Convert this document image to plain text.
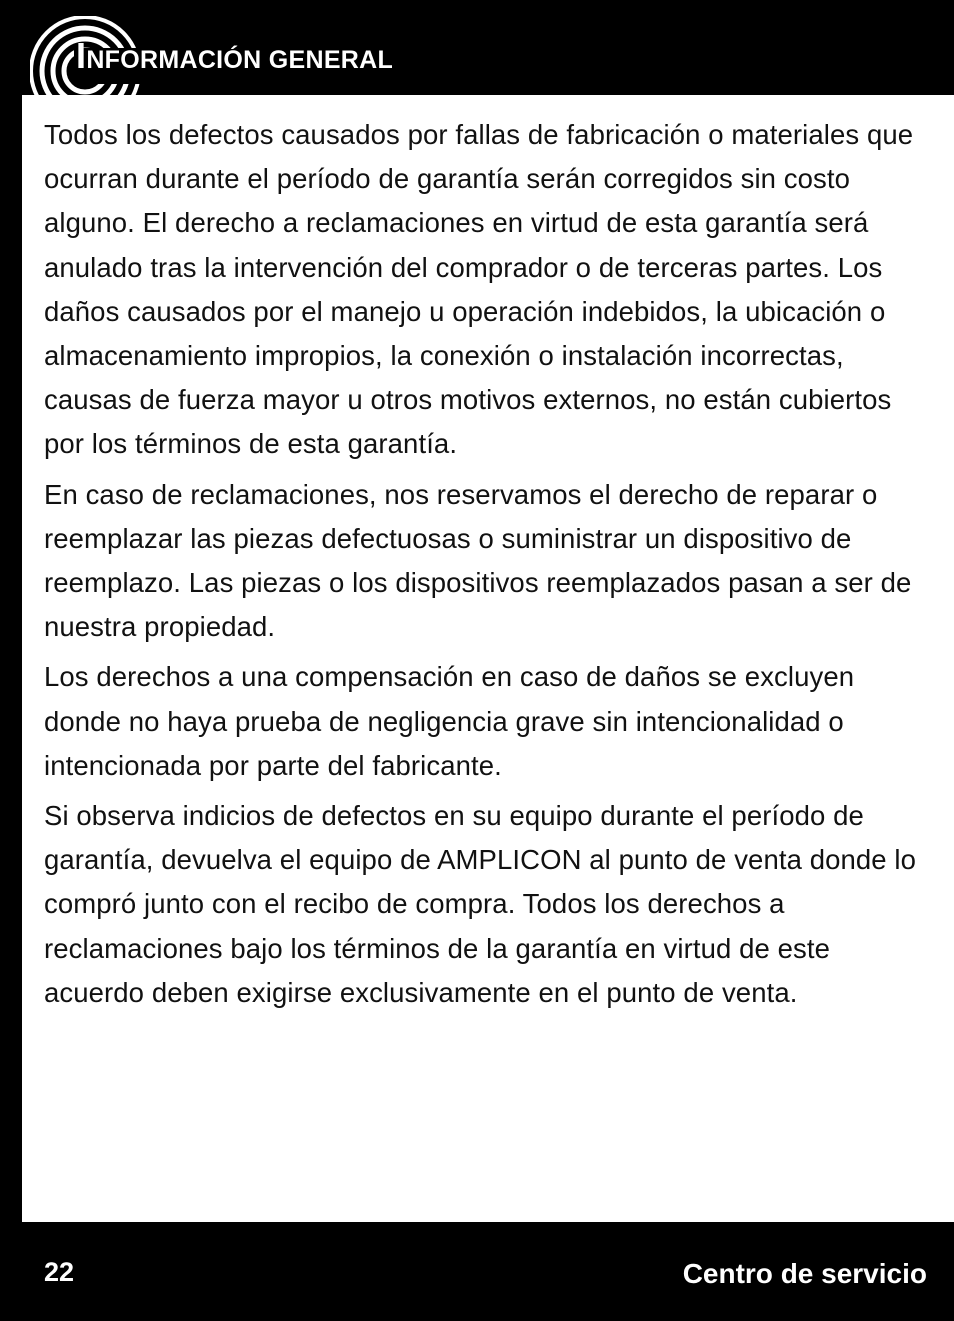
INFORMACIÓN GENERAL

Todos los defectos causados por fallas de fabricación o materiales que ocurran durante el período de garantía serán corregidos sin costo alguno. El derecho a reclamaciones en virtud de esta garantía será anulado tras la intervención del comprador o de terceras partes. Los daños causados por el manejo u operación indebidos, la ubicación o almacenamiento impropios, la conexión o instalación incorrectas, causas de fuerza mayor u otros motivos externos, no están cubiertos por los términos de esta garantía.

En caso de reclamaciones, nos reservamos el derecho de reparar o reemplazar las piezas defectuosas o suministrar un dispositivo de reemplazo. Las piezas o los dispositivos reemplazados pasan a ser de nuestra propiedad.

Los derechos a una compensación en caso de daños se excluyen donde no haya prueba de negligencia grave sin intencionalidad o intencionada por parte del fabricante.

Si observa indicios de defectos en su equipo durante el período de garantía, devuelva el equipo de AMPLICON al punto de venta donde lo compró junto con el recibo de compra. Todos los derechos a reclamaciones bajo los términos de la garantía en virtud de este acuerdo deben exigirse exclusivamente en el punto de venta.

22	Centro de servicio
